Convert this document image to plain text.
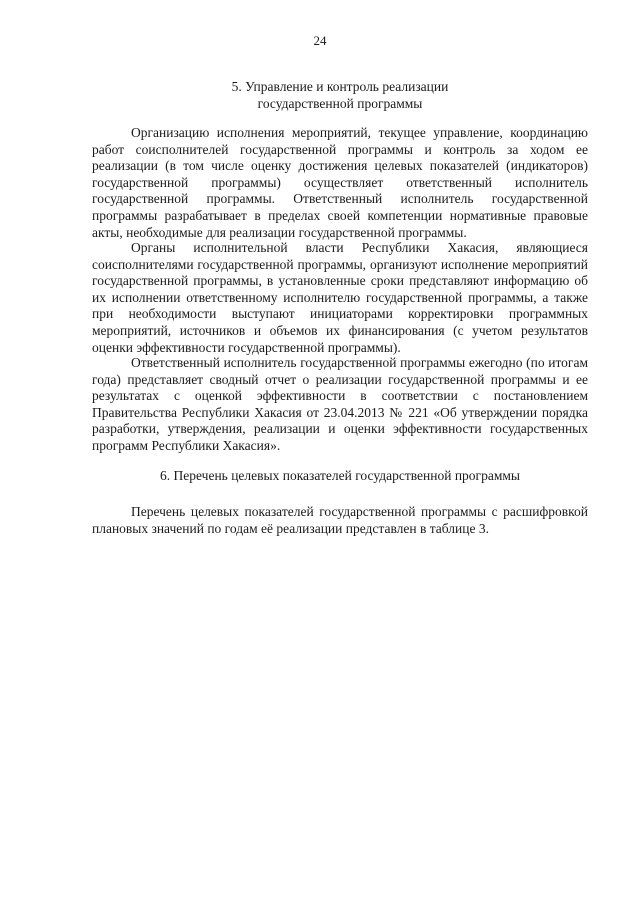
24
5. Управление и контроль реализации
государственной программы

Организацию исполнения мероприятий, текущее управление, координацию работ соисполнителей государственной программы и контроль за ходом ее реализации (в том числе оценку достижения целевых показателей (индикаторов) государственной программы) осуществляет ответственный исполнитель государственной программы. Ответственный исполнитель государственной программы разрабатывает в пределах своей компетенции нормативные правовые акты, необходимые для реализации государственной программы.

Органы исполнительной власти Республики Хакасия, являющиеся соисполнителями государственной программы, организуют исполнение мероприятий государственной программы, в установленные сроки представляют информацию об их исполнении ответственному исполнителю государственной программы, а также при необходимости выступают инициаторами корректировки программных мероприятий, источников и объемов их финансирования (с учетом результатов оценки эффективности государственной программы).

Ответственный исполнитель государственной программы ежегодно (по итогам года) представляет сводный отчет о реализации государственной программы и ее результатах с оценкой эффективности в соответствии с постановлением Правительства Республики Хакасия от 23.04.2013 № 221 «Об утверждении порядка разработки, утверждения, реализации и оценки эффективности государственных программ Республики Хакасия».

6. Перечень целевых показателей государственной программы

Перечень целевых показателей государственной программы с расшифровкой плановых значений по годам её реализации представлен в таблице 3.
